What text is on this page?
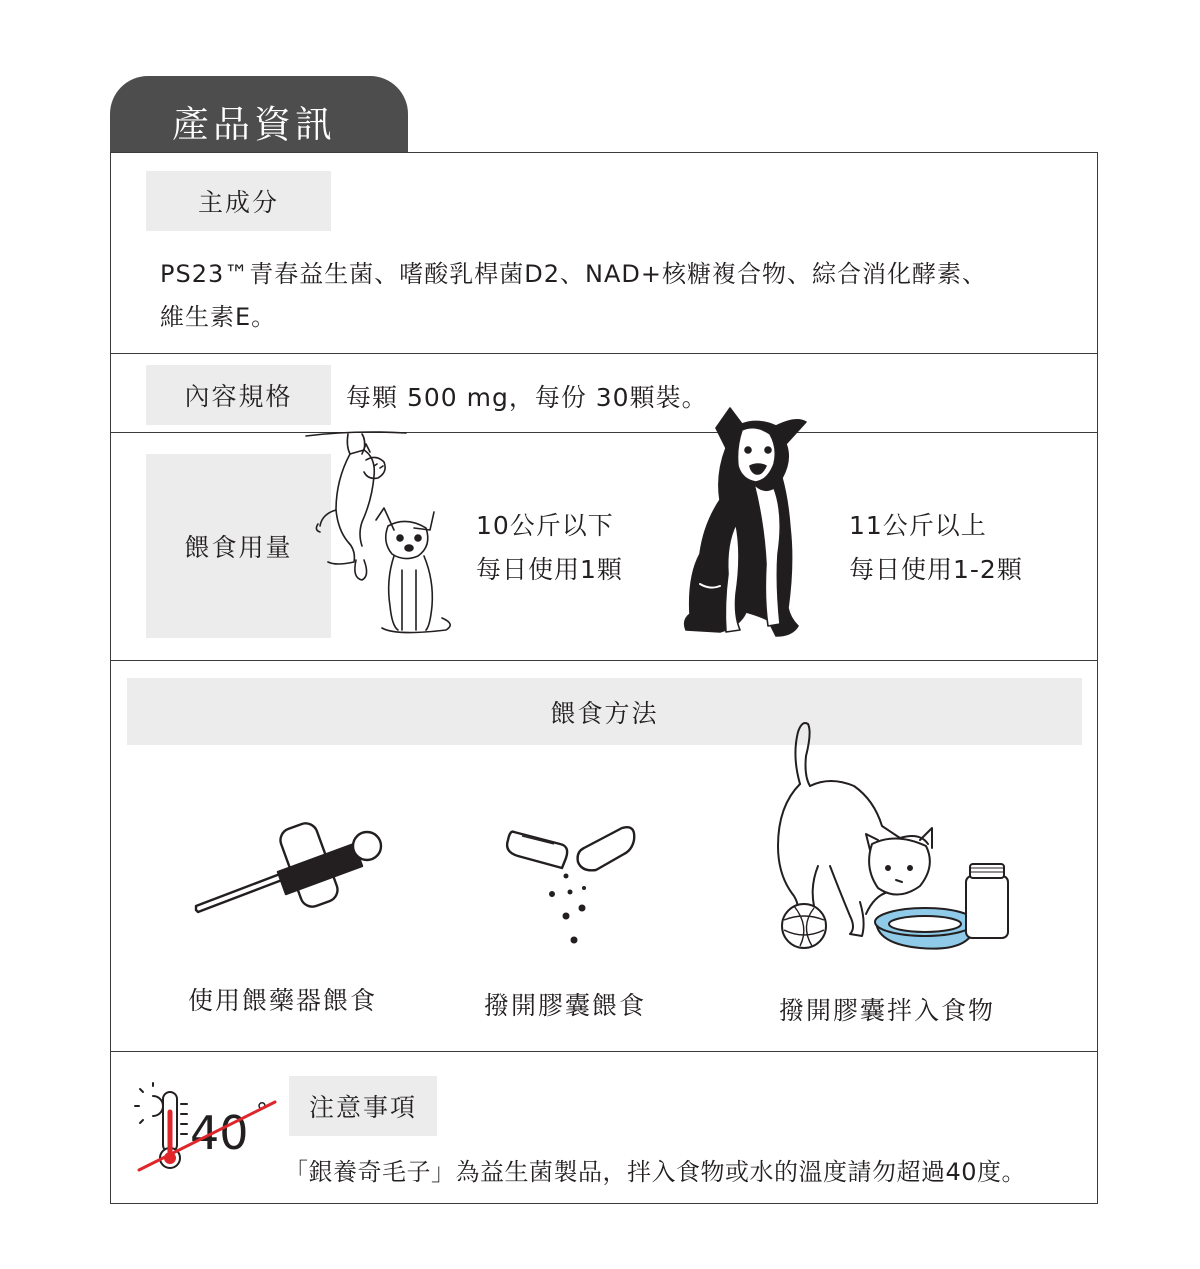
產品資訊
主成分
PS23™青春益生菌、嗜酸乳桿菌D2、NAD+核糖複合物、綜合消化酵素、
維生素E。
內容規格	每顆 500 mg，每份 30顆裝。
餵食用量
10公斤以下
每日使用1顆
11公斤以上
每日使用1-2顆
餵食方法
使用餵藥器餵食	撥開膠囊餵食	撥開膠囊拌入食物
40 °	注意事項
「銀養奇毛子」為益生菌製品，拌入食物或水的溫度請勿超過40度。
